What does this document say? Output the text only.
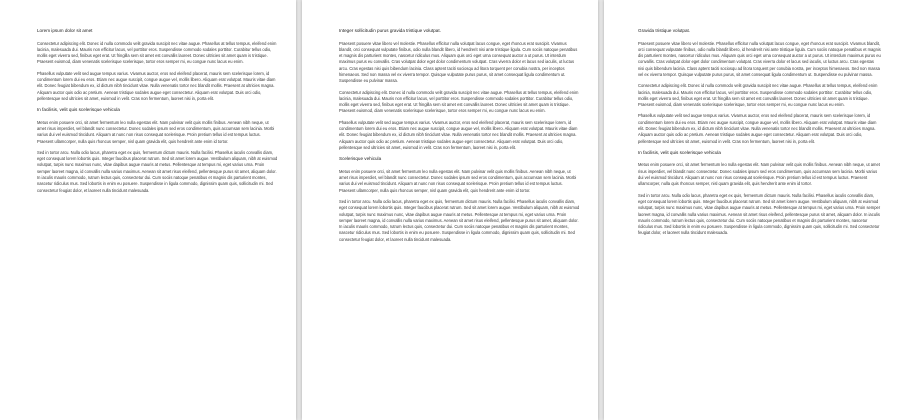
Lorem ipsum dolor sit amet
Consectetur adipiscing elit. Donec id nulla commodo velit gravida suscipit nec vitae augue. Phasellus at tellus tempus, eleifend enim lacinia, malesuada dui. Mauris non efficitur lacus, vel porttitor eros. Suspendisse commodo sodales porttitor. Curabitur tellus odio, mollis eget viverra sed, finibus eget erat. Ut fringilla sem sit amet est convallis laoreet. Donec ultricies sit amet quam is tristique. Praesent euismod, diam venenatis scelerisque scelerisque, tortor eros semper mi, eu congue nunc lacus eu enim.
Phasellus vulputate velit sed augue tempus varius. Vivamus auctor, eros sed eleifend placerat, mauris sem scelerisque lorem, id condimentum lorem dui eu eros. Etiam nec augue suscipit, congue augue vel, mollis libero. Aliquam erat volutpat. Mauris vitae diam elit. Donec feugiat bibendum ex, id dictum nibh tincidunt vitae. Nulla venenatis tortor nec blandit mollis. Praesent at ultricies magna. Aliquam auctor quis odio ac pretium. Aenean tristique sodales augue eget consectetur. Aliquam erat volutpat. Duis orci odio, pellentesque sed ultricies sit amet, euismod in velit. Cras non fermentum, laoreet nisi in, porta elit.
In facilisis, velit quis scelerisque vehicula
Metus enim posuere orci, sit amet fermentum leo nulla egestas elit. Nam pulvinar velit quis mollis finibus. Aenean nibh neque, ut amet risus imperdiet, vel blandit nunc consectetur. Donec sodales ipsum sed eros condimentum, quis accumsan sem lacinia. Morbi varius dui vel euismod tincidunt. Aliquam at nunc non risus consequat scelerisque. Proin pretium tellus id est tempus luctus. Praesent ullamcorper, nulla quis rhoncus semper, nisl quam gravida elit, quis hendrerit ante enim id tortor.
Sed in tortor arcu. Nulla odio lacus, pharetra eget ex quis, fermentum dictum mauris. Nulla facilisi. Phasellus iaculis convallis diam, eget consequat lorem lobortis quis. Integer faucibus placerat rutrum. Sed sit amet lorem augue. Vestibulum aliquam, nibh at euismod volutpat, turpis nunc maximus nunc, vitae dapibus augue mauris at metus. Pellentesque at tempus mi, eget varius urna. Proin semper laoreet magna, id convallis nulla varius maximus. Aenean sit amet risus eleifend, pellentesque purus sit amet, aliquam dolor. In iaculis mauris commodo, rutrum lectus quis, consectetur dui. Cum sociis natoque penatibus et magnis dis parturient montes, nascetur ridiculus mus. Sed lobortis in enim eu posuere. Suspendisse in ligula commodo, dignissim quam quis, sollicitudin mi. Sed consectetur feugiat dolor, et laoreet nulla tincidunt malesuada.
Integer sollicitudin purus gravida tristique volutpat.
Praesent posuere vitae libero vel molestie. Phasellus efficitur nulla volutpat lacus congue, eget rhoncus erat suscipit. Vivamus blandit, orci consequat vulputate finibus, odio nulla blandit libero, id hendrerit nisi ante tristique ligula. Cum sociis natoque penatibus et magnis dis parturient montes, nascetur ridiculus mus. Aliquam quis orci eget urna consequat auctor a ut purus. Ut interdum maximus purus eu convallis. Cras volutpat dolor eget dolor condimentum volutpat. Cras viverra dolor et lacus sed iaculis, ut luctus arcu. Cras egestas nisi quis bibendum lacinia. Class aptent taciti sociosqu ad litora torquent per conubia nostra, per inceptos himenaeos. Sed non massa vel ex viverra tempor. Quisque vulputate purus purus, sit amet consequat ligula condimentum ut. Suspendisse eu pulvinar massa.
Consectetur adipiscing elit. Donec id nulla commodo velit gravida suscipit nec vitae augue. Phasellus at tellus tempus, eleifend enim lacinia, malesuada dui. Mauris non efficitur lacus, vel porttitor eros. Suspendisse commodo sodales porttitor. Curabitur tellus odio, mollis eget viverra sed, finibus eget erat. Ut fringilla sem sit amet est convallis laoreet. Donec ultricies sit amet quam is tristique. Praesent euismod, diam venenatis scelerisque scelerisque, tortor eros semper mi, eu congue nunc lacus eu enim.
Phasellus vulputate velit sed augue tempus varius. Vivamus auctor, eros sed eleifend placerat, mauris sem scelerisque lorem, id condimentum lorem dui eu eros. Etiam nec augue suscipit, congue augue vel, mollis libero. Aliquam erat volutpat. Mauris vitae diam elit. Donec feugiat bibendum ex, id dictum nibh tincidunt vitae. Nulla venenatis tortor nec blandit mollis. Praesent at ultricies magna. Aliquam auctor quis odio ac pretium. Aenean tristique sodales augue eget consectetur. Aliquam erat volutpat. Duis orci odio, pellentesque sed ultricies sit amet, euismod in velit. Cras non fermentum, laoreet nisi in, porta elit.
Scelerisque vehicula
Metus enim posuere orci, sit amet fermentum leo nulla egestas elit. Nam pulvinar velit quis mollis finibus. Aenean nibh neque, ut amet risus imperdiet, vel blandit nunc consectetur. Donec sodales ipsum sed eros condimentum, quis accumsan sem lacinia. Morbi varius dui vel euismod tincidunt. Aliquam at nunc non risus consequat scelerisque. Proin pretium tellus id est tempus luctus. Praesent ullamcorper, nulla quis rhoncus semper, nisl quam gravida elit, quis hendrerit ante enim id tortor.
Sed in tortor arcu. Nulla odio lacus, pharetra eget ex quis, fermentum dictum mauris. Nulla facilisi. Phasellus iaculis convallis diam, eget consequat lorem lobortis quis. Integer faucibus placerat rutrum. Sed sit amet lorem augue. Vestibulum aliquam, nibh at euismod volutpat, turpis nunc maximus nunc, vitae dapibus augue mauris at metus. Pellentesque at tempus mi, eget varius urna. Proin semper laoreet magna, id convallis nulla varius maximus. Aenean sit amet risus eleifend, pellentesque purus sit amet, aliquam dolor. In iaculis mauris commodo, rutrum lectus quis, consectetur dui. Cum sociis natoque penatibus et magnis dis parturient montes, nascetur ridiculus mus. Sed lobortis in enim eu posuere. Suspendisse in ligula commodo, dignissim quam quis, sollicitudin mi. Sed consectetur feugiat dolor, et laoreet nulla tincidunt malesuada.
Gravida tristique volutpat.
Praesent posuere vitae libero vel molestie. Phasellus efficitur nulla volutpat lacus congue, eget rhoncus erat suscipit. Vivamus blandit, orci consequat vulputate finibus, odio nulla blandit libero, id hendrerit nisi ante tristique ligula. Cum sociis natoque penatibus et magnis dis parturient montes, nascetur ridiculus mus. Aliquam quis orci eget urna consequat auctor a ut purus. Ut interdum maximus purus eu convallis. Cras volutpat dolor eget dolor condimentum volutpat. Cras viverra dolor et lacus sed iaculis, ut luctus arcu. Cras egestas nisi quis bibendum lacinia. Class aptent taciti sociosqu ad litora torquent per conubia nostra, per inceptos himenaeos. Sed non massa vel ex viverra tempor. Quisque vulputate purus purus, sit amet consequat ligula condimentum ut. Suspendisse eu pulvinar massa.
Consectetur adipiscing elit. Donec id nulla commodo velit gravida suscipit nec vitae augue. Phasellus at tellus tempus, eleifend enim lacinia, malesuada dui. Mauris non efficitur lacus, vel porttitor eros. Suspendisse commodo sodales porttitor. Curabitur tellus odio, mollis eget viverra sed, finibus eget erat. Ut fringilla sem sit amet est convallis laoreet. Donec ultricies sit amet quam is tristique. Praesent euismod, diam venenatis scelerisque scelerisque, tortor eros semper mi, eu congue nunc lacus eu enim.
Phasellus vulputate velit sed augue tempus varius. Vivamus auctor, eros sed eleifend placerat, mauris sem scelerisque lorem, id condimentum lorem dui eu eros. Etiam nec augue suscipit, congue augue vel, mollis libero. Aliquam erat volutpat. Mauris vitae diam elit. Donec feugiat bibendum ex, id dictum nibh tincidunt vitae. Nulla venenatis tortor nec blandit mollis. Praesent at ultricies magna. Aliquam auctor quis odio ac pretium. Aenean tristique sodales augue eget consectetur. Aliquam erat volutpat. Duis orci odio, pellentesque sed ultricies sit amet, euismod in velit. Cras non fermentum, laoreet nisi in, porta elit.
In facilisis, velit quis scelerisque vehicula
Metus enim posuere orci, sit amet fermentum leo nulla egestas elit. Nam pulvinar velit quis mollis finibus. Aenean nibh neque, ut amet risus imperdiet, vel blandit nunc consectetur. Donec sodales ipsum sed eros condimentum, quis accumsan sem lacinia. Morbi varius dui vel euismod tincidunt. Aliquam at nunc non risus consequat scelerisque. Proin pretium tellus id est tempus luctus. Praesent ullamcorper, nulla quis rhoncus semper, nisl quam gravida elit, quis hendrerit ante enim id tortor.
Sed in tortor arcu. Nulla odio lacus, pharetra eget ex quis, fermentum dictum mauris. Nulla facilisi. Phasellus iaculis convallis diam, eget consequat lorem lobortis quis. Integer faucibus placerat rutrum. Sed sit amet lorem augue. Vestibulum aliquam, nibh at euismod volutpat, turpis nunc maximus nunc, vitae dapibus augue mauris at metus. Pellentesque at tempus mi, eget varius urna. Proin semper laoreet magna, id convallis nulla varius maximus. Aenean sit amet risus eleifend, pellentesque purus sit amet, aliquam dolor. In iaculis mauris commodo, rutrum lectus quis, consectetur dui. Cum sociis natoque penatibus et magnis dis parturient montes, nascetur ridiculus mus. Sed lobortis in enim eu posuere. Suspendisse in ligula commodo, dignissim quam quis, sollicitudin mi. Sed consectetur feugiat dolor, et laoreet nulla tincidunt malesuada.
